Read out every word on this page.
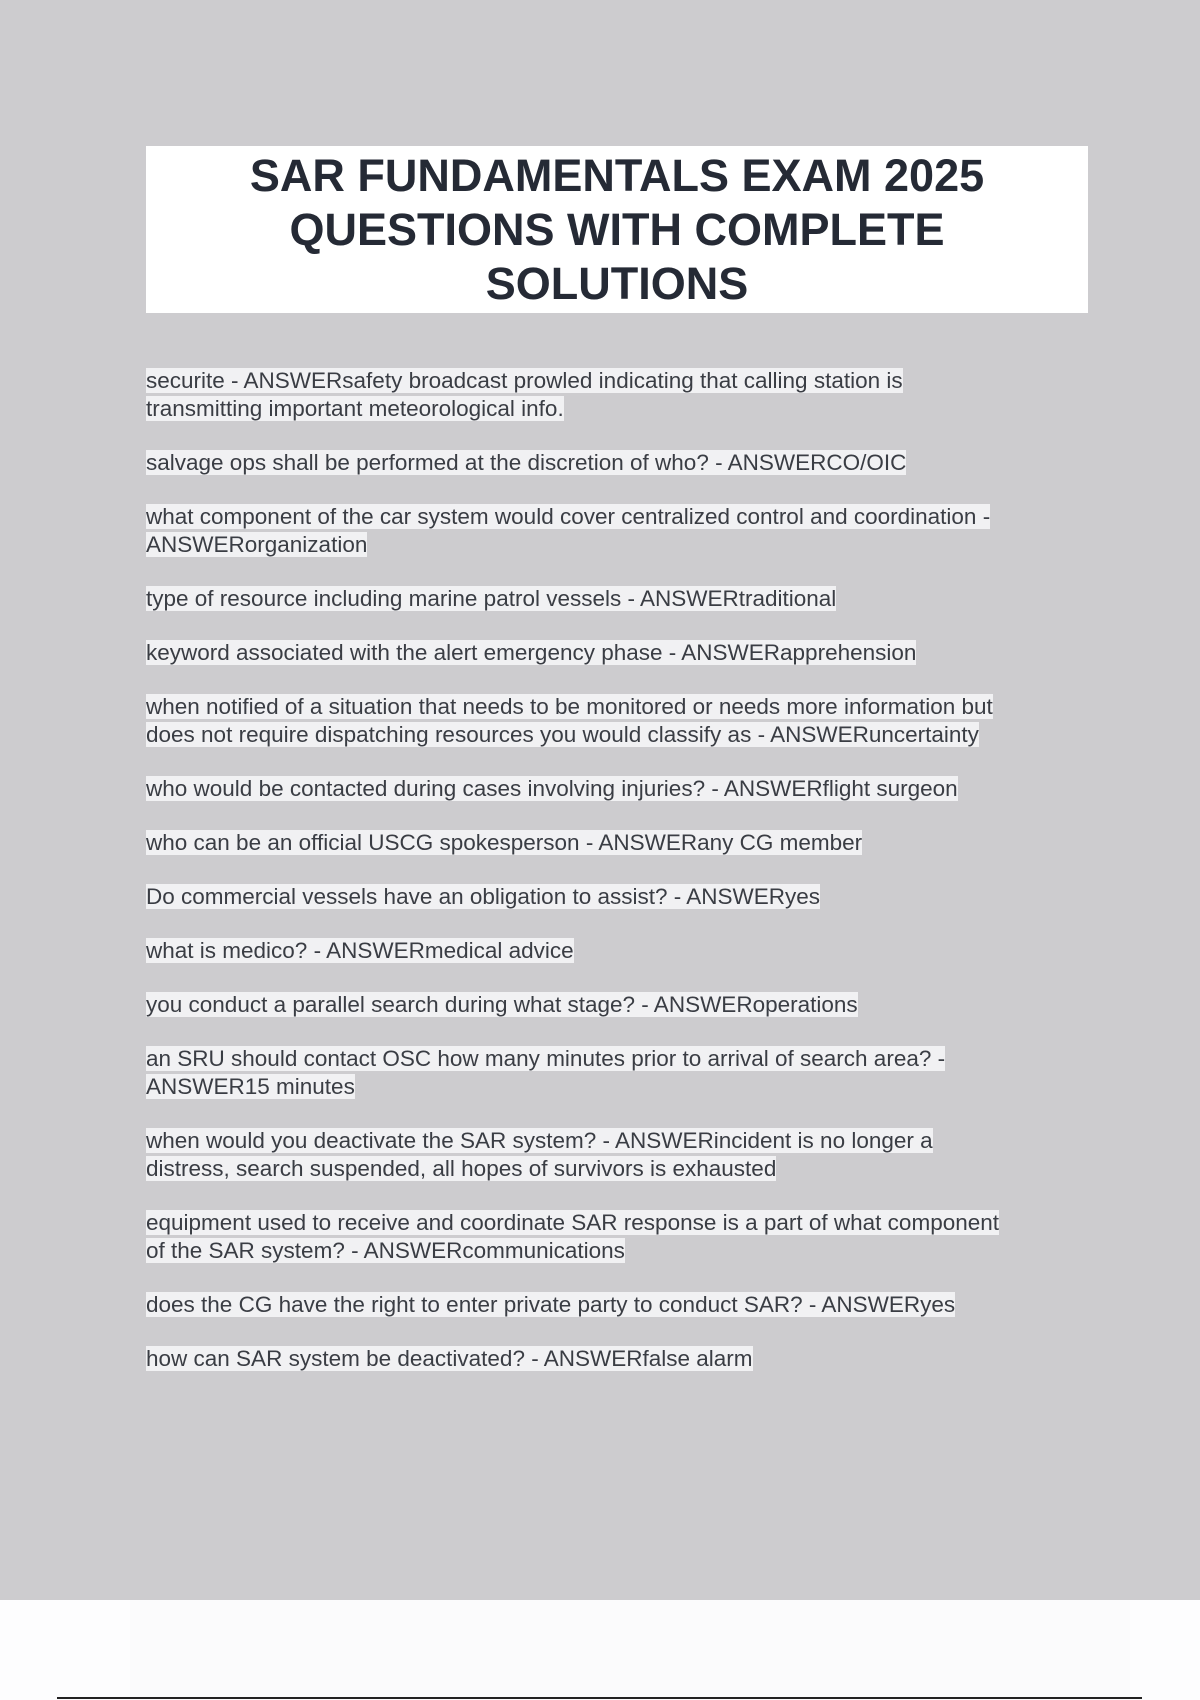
SAR FUNDAMENTALS EXAM 2025
QUESTIONS WITH COMPLETE
SOLUTIONS
securite - ANSWERsafety broadcast prowled indicating that calling station is
transmitting important meteorological info.
salvage ops shall be performed at the discretion of who? - ANSWERCO/OIC
what component of the car system would cover centralized control and coordination -
ANSWERorganization
type of resource including marine patrol vessels - ANSWERtraditional
keyword associated with the alert emergency phase - ANSWERapprehension
when notified of a situation that needs to be monitored or needs more information but
does not require dispatching resources you would classify as - ANSWERuncertainty
who would be contacted during cases involving injuries? - ANSWERflight surgeon
who can be an official USCG spokesperson - ANSWERany CG member
Do commercial vessels have an obligation to assist? - ANSWERyes
what is medico? - ANSWERmedical advice
you conduct a parallel search during what stage? - ANSWERoperations
an SRU should contact OSC how many minutes prior to arrival of search area? -
ANSWER15 minutes
when would you deactivate the SAR system? - ANSWERincident is no longer a
distress, search suspended, all hopes of survivors is exhausted
equipment used to receive and coordinate SAR response is a part of what component
of the SAR system? - ANSWERcommunications
does the CG have the right to enter private party to conduct SAR? - ANSWERyes
how can SAR system be deactivated? - ANSWERfalse alarm
